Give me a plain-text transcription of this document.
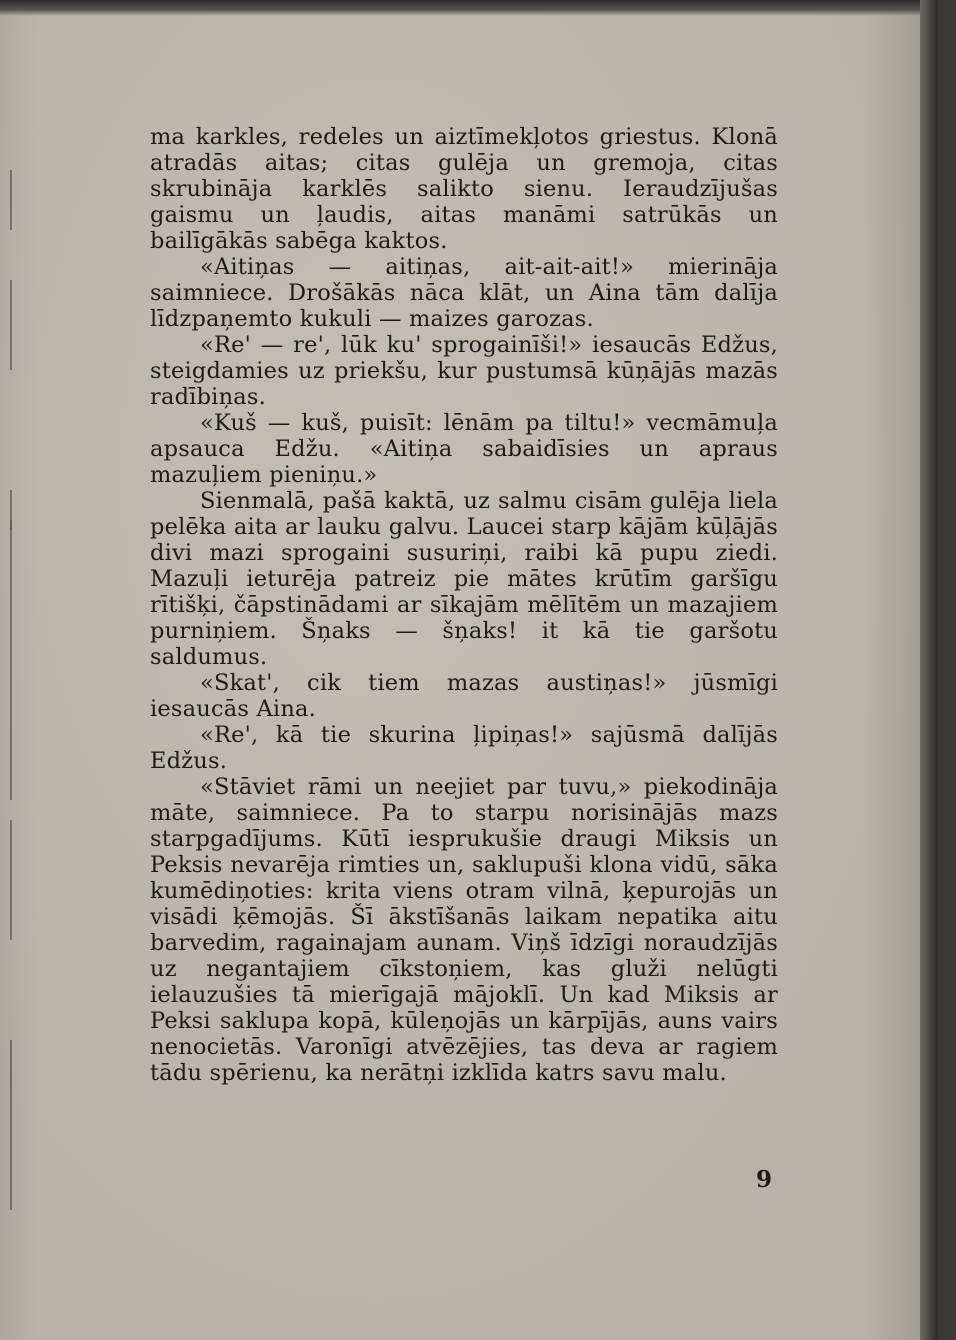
ma karkles, redeles un aiztīmekļotos griestus. Klonā atradās aitas; citas gulēja un gremoja, citas skrubināja karklēs salikto sienu. Ieraudzījušas gaismu un ļaudis, aitas manāmi satrūkās un bailīgākās sabēga kaktos.

«Aitiņas — aitiņas, ait-ait-ait!» mierināja saimniece. Drošākās nāca klāt, un Aina tām dalīja līdzpaņemto kukuli — maizes garozas.

«Re' — re', lūk ku' sprogainīši!» iesaucās Edžus, steigdamies uz priekšu, kur pustumsā kūņājās mazās radībiņas.

«Kuš — kuš, puisīt: lēnām pa tiltu!» vecmāmuļa apsauca Edžu. «Aitiņa sabaidīsies un apraus mazuļiem pieniņu.»

Sienmalā, pašā kaktā, uz salmu cisām gulēja liela pelēka aita ar lauku galvu. Laucei starp kājām kūļājās divi mazi sprogaini susuriņi, raibi kā pupu ziedi. Mazuļi ieturēja patreiz pie mātes krūtīm garšīgu rītišķi, čāpstinādami ar sīkajām mēlītēm un mazajiem purniņiem. Šņaks — šņaks! it kā tie garšotu saldumus.

«Skat', cik tiem mazas austiņas!» jūsmīgi iesaucās Aina.

«Re', kā tie skurina ļipiņas!» sajūsmā dalījās Edžus.

«Stāviet rāmi un neejiet par tuvu,» piekodināja māte, saimniece. Pa to starpu norisinājās mazs starpgadījums. Kūtī iesprukušie draugi Miksis un Peksis nevarēja rimties un, saklupuši klona vidū, sāka kumēdiņoties: krita viens otram vilnā, ķepurojās un visādi ķēmojās. Šī ākstīšanās laikam nepatika aitu barvedim, ragainajam aunam. Viņš īdzīgi noraudzījās uz negantajiem cīkstoņiem, kas gluži nelūgti ielauzušies tā mierīgajā mājoklī. Un kad Miksis ar Peksi saklupa kopā, kūleņojās un kārpījās, auns vairs nenocietās. Varonīgi atvēzējies, tas deva ar ragiem tādu spērienu, ka nerātņi izklīda katrs savu malu.

9
